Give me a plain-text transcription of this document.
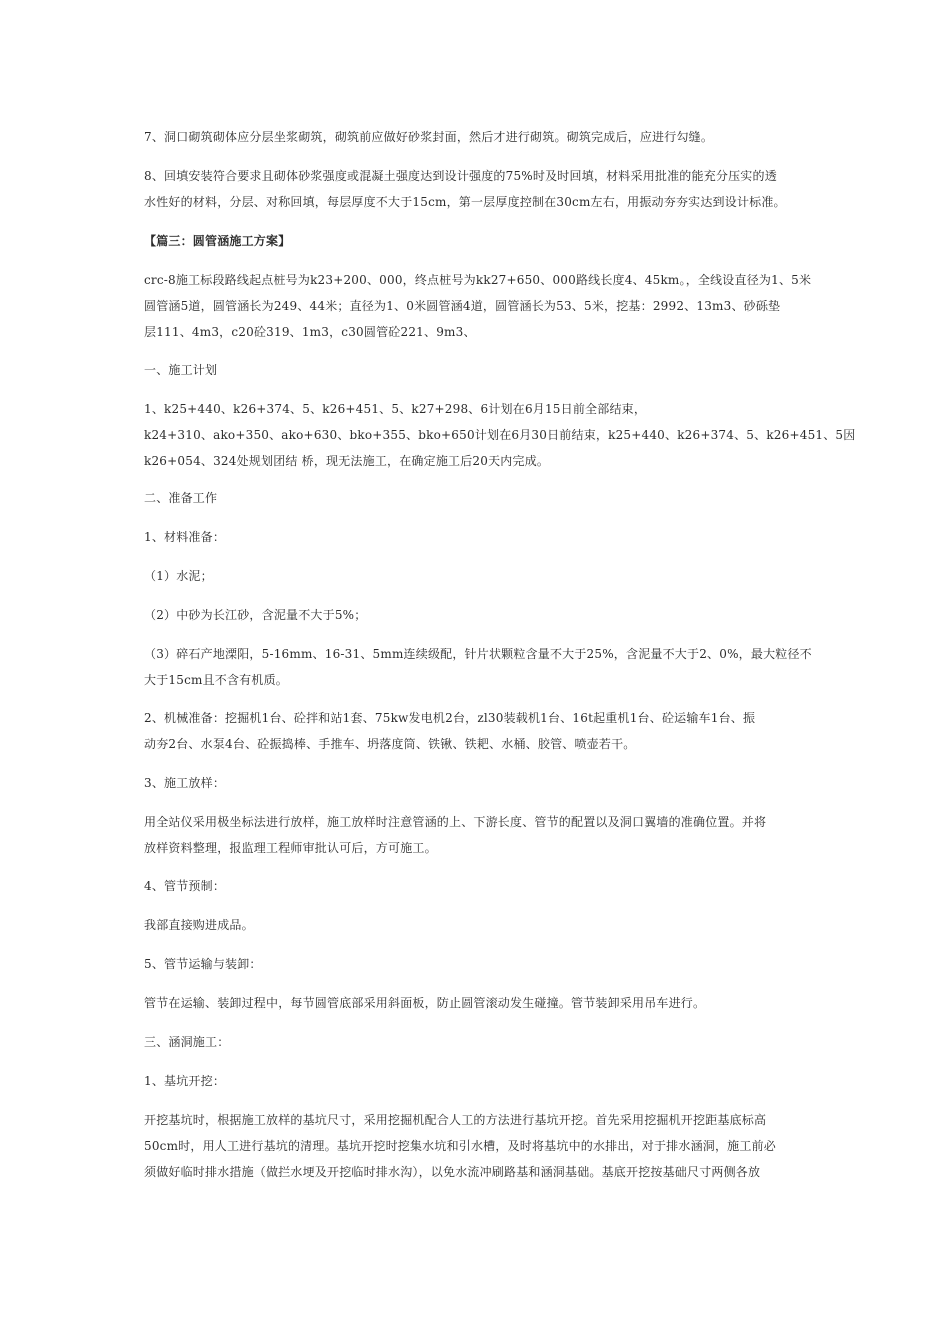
7、洞口砌筑砌体应分层坐浆砌筑，砌筑前应做好砂浆封面，然后才进行砌筑。砌筑完成后，应进行勾缝。

8、回填安装符合要求且砌体砂浆强度或混凝土强度达到设计强度的75%时及时回填，材料采用批准的能充分压实的透
水性好的材料，分层、对称回填，每层厚度不大于15cm，第一层厚度控制在30cm左右，用振动夯夯实达到设计标准。

【篇三：圆管涵施工方案】

crc-8施工标段路线起点桩号为k23+200、000，终点桩号为kk27+650、000路线长度4、45km。，全线设直径为1、5米
圆管涵5道，圆管涵长为249、44米；直径为1、0米圆管涵4道，圆管涵长为53、5米，挖基：2992、13m3、砂砾垫
层111、4m3，c20砼319、1m3，c30圆管砼221、9m3、

一、施工计划

1、k25+440、k26+374、5、k26+451、5、k27+298、6计划在6月15日前全部结束，
k24+310、ako+350、ako+630、bko+355、bko+650计划在6月30日前结束，k25+440、k26+374、5、k26+451、5因
k26+054、324处规划团结 桥，现无法施工，在确定施工后20天内完成。

二、准备工作

1、材料准备：

（1）水泥；

（2）中砂为长江砂，含泥量不大于5%；

（3）碎石产地溧阳，5-16mm、16-31、5mm连续级配，针片状颗粒含量不大于25%，含泥量不大于2、0%，最大粒径不
大于15cm且不含有机质。

2、机械准备：挖掘机1台、砼拌和站1套、75kw发电机2台，zl30装载机1台、16t起重机1台、砼运输车1台、振
动夯2台、水泵4台、砼振捣棒、手推车、坍落度筒、铁锹、铁耙、水桶、胶管、喷壶若干。

3、施工放样：

用全站仪采用极坐标法进行放样，施工放样时注意管涵的上、下游长度、管节的配置以及洞口翼墙的准确位置。并将
放样资料整理，报监理工程师审批认可后，方可施工。

4、管节预制：

我部直接购进成品。

5、管节运输与装卸：

管节在运输、装卸过程中，每节圆管底部采用斜面板，防止圆管滚动发生碰撞。管节装卸采用吊车进行。

三、涵洞施工：

1、基坑开挖：

开挖基坑时，根据施工放样的基坑尺寸，采用挖掘机配合人工的方法进行基坑开挖。首先采用挖掘机开挖距基底标高
50cm时，用人工进行基坑的清理。基坑开挖时挖集水坑和引水槽，及时将基坑中的水排出，对于排水涵洞，施工前必
须做好临时排水措施（做拦水埂及开挖临时排水沟），以免水流冲刷路基和涵洞基础。基底开挖按基础尺寸两侧各放
